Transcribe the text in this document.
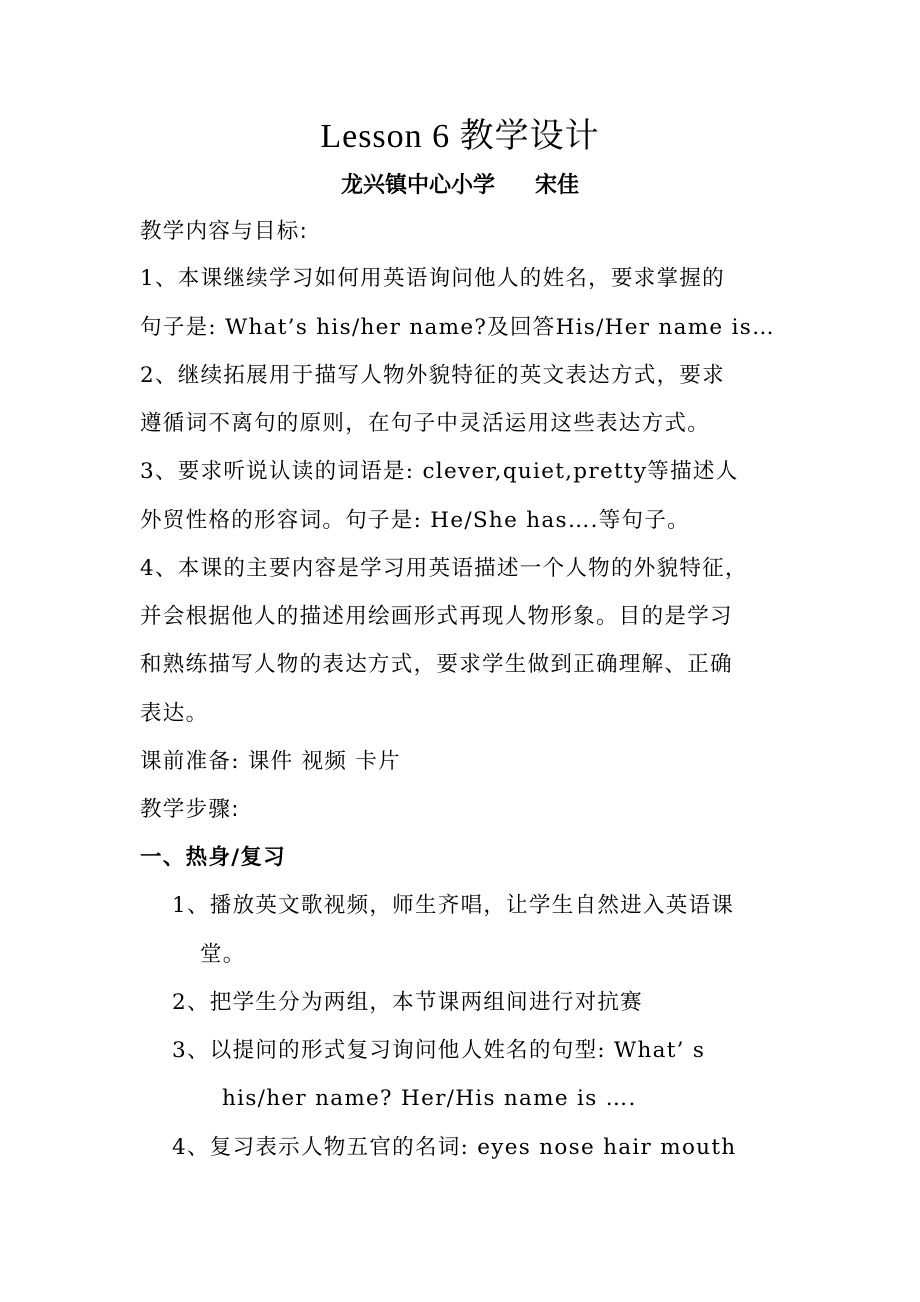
Lesson 6 教学设计
龙兴镇中心小学 宋佳
教学内容与目标:
1、本课继续学习如何用英语询问他人的姓名，要求掌握的
句子是: What’s his/her name?及回答His/Her name is…
2、继续拓展用于描写人物外貌特征的英文表达方式，要求
遵循词不离句的原则，在句子中灵活运用这些表达方式。
3、要求听说认读的词语是: clever,quiet,pretty等描述人
外贸性格的形容词。句子是: He/She has….等句子。
4、本课的主要内容是学习用英语描述一个人物的外貌特征，
并会根据他人的描述用绘画形式再现人物形象。目的是学习
和熟练描写人物的表达方式，要求学生做到正确理解、正确
表达。
课前准备: 课件 视频 卡片
教学步骤:
一、热身/复习
1、播放英文歌视频，师生齐唱，让学生自然进入英语课
堂。
2、把学生分为两组，本节课两组间进行对抗赛
3、以提问的形式复习询问他人姓名的句型: What’ s
his/her name? Her/His name is ….
4、复习表示人物五官的名词: eyes nose hair mouth
